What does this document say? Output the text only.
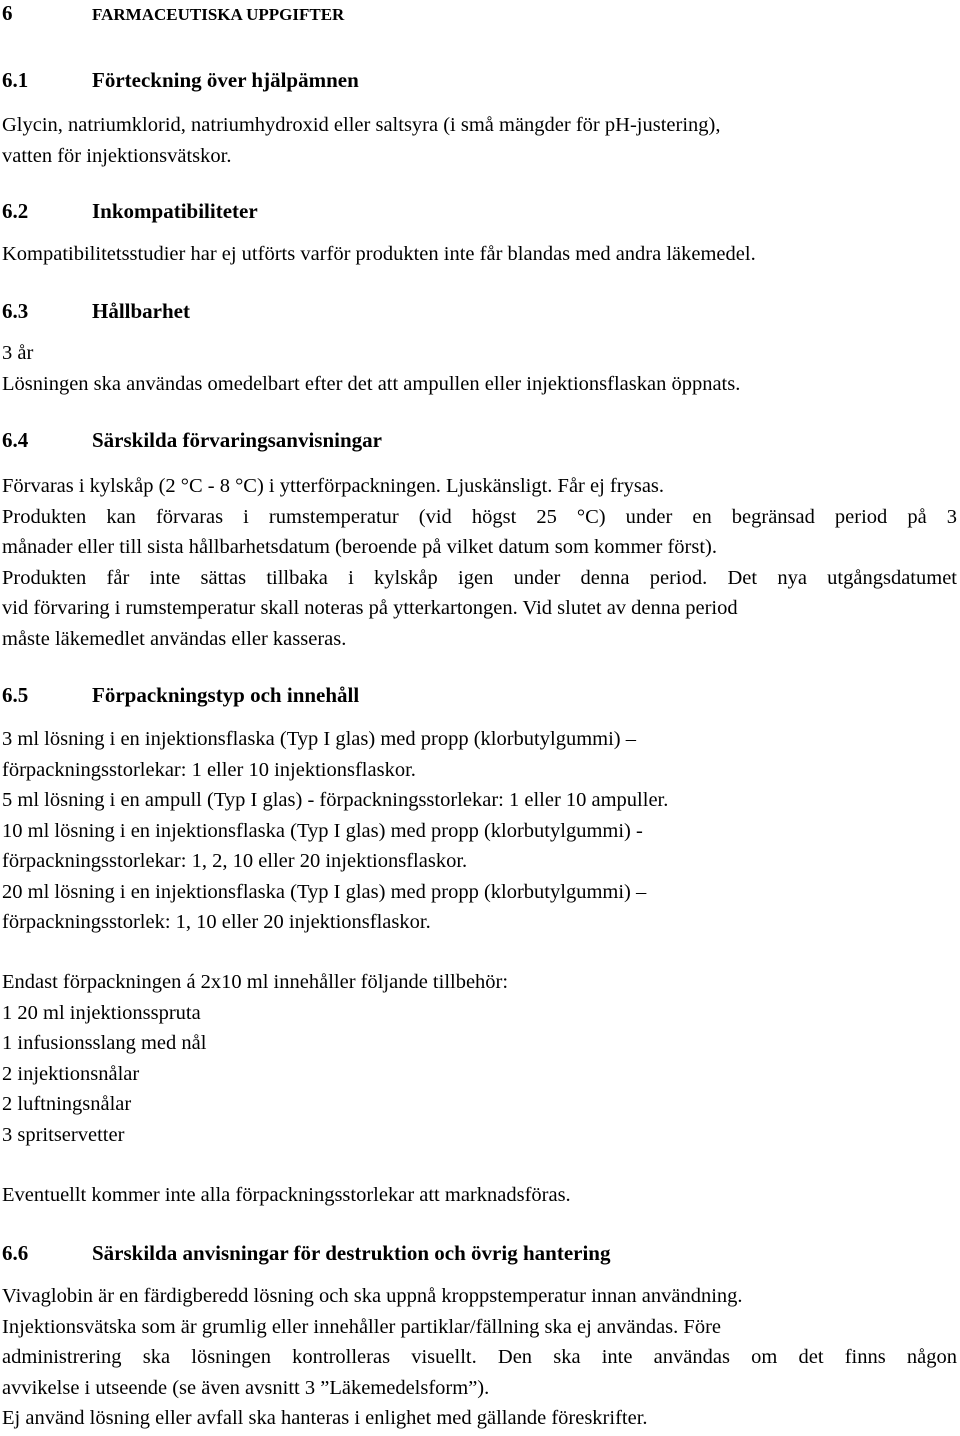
6	FARMACEUTISKA UPPGIFTER
6.1	Förteckning över hjälpämnen
Glycin, natriumklorid, natriumhydroxid eller saltsyra (i små mängder för pH-justering),
vatten för injektionsvätskor.
6.2	Inkompatibiliteter
Kompatibilitetsstudier har ej utförts varför produkten inte får blandas med andra läkemedel.
6.3	Hållbarhet
3 år
Lösningen ska användas omedelbart efter det att ampullen eller injektionsflaskan öppnats.
6.4	Särskilda förvaringsanvisningar
Förvaras i kylskåp (2 °C - 8 °C) i ytterförpackningen. Ljuskänsligt. Får ej frysas.
Produkten kan förvaras i rumstemperatur (vid högst 25 °C) under en begränsad period på 3
månader eller till sista hållbarhetsdatum (beroende på vilket datum som kommer först).
Produkten får inte sättas tillbaka i kylskåp igen under denna period. Det nya utgångsdatumet
vid förvaring i rumstemperatur skall noteras på ytterkartongen. Vid slutet av denna period
måste läkemedlet användas eller kasseras.
6.5	Förpackningstyp och innehåll
3 ml lösning i en injektionsflaska (Typ I glas) med propp (klorbutylgummi) –
förpackningsstorlekar: 1 eller 10 injektionsflaskor.
5 ml lösning i en ampull (Typ I glas) - förpackningsstorlekar: 1 eller 10 ampuller.
10 ml lösning i en injektionsflaska (Typ I glas) med propp (klorbutylgummi) -
förpackningsstorlekar: 1, 2, 10 eller 20 injektionsflaskor.
20 ml lösning i en injektionsflaska (Typ I glas) med propp (klorbutylgummi) –
förpackningsstorlek: 1, 10 eller 20 injektionsflaskor.
Endast förpackningen á 2x10 ml innehåller följande tillbehör:
1 20 ml injektionsspruta
1 infusionsslang med nål
2 injektionsnålar
2 luftningsnålar
3 spritservetter
Eventuellt kommer inte alla förpackningsstorlekar att marknadsföras.
6.6	Särskilda anvisningar för destruktion och övrig hantering
Vivaglobin är en färdigberedd lösning och ska uppnå kroppstemperatur innan användning.
Injektionsvätska som är grumlig eller innehåller partiklar/fällning ska ej användas. Före
administrering ska lösningen kontrolleras visuellt. Den ska inte användas om det finns någon
avvikelse i utseende (se även avsnitt 3 ”Läkemedelsform”).
Ej använd lösning eller avfall ska hanteras i enlighet med gällande föreskrifter.
